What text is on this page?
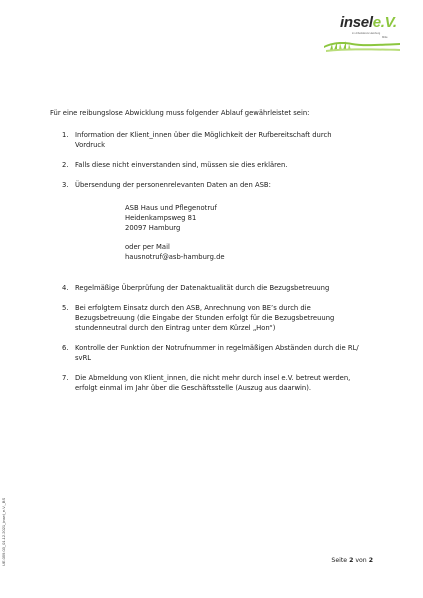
insele.V.
im Arbeitskreis Hamburg
Mitte
Für eine reibungslose Abwicklung muss folgender Ablauf gewährleistet sein:
1. Information der Klient_innen über die Möglichkeit der Rufbereitschaft durch
Vordruck
2. Falls diese nicht einverstanden sind, müssen sie dies erklären.
3. Übersendung der personenrelevanten Daten an den ASB:
4. Regelmäßige Überprüfung der Datenaktualität durch die Bezugsbetreuung
5. Bei erfolgtem Einsatz durch den ASB, Anrechnung von BE’s durch die
Bezugsbetreuung (die Eingabe der Stunden erfolgt für die Bezugsbetreuung
stundenneutral durch den Eintrag unter dem Kürzel „Hon“)
6. Kontrolle der Funktion der Notrufnummer in regelmäßigen Abständen durch die RL/
svRL
7. Die Abmeldung von Klient_innen, die nicht mehr durch insel e.V. betreut werden,
erfolgt einmal im Jahr über die Geschäftsstelle (Auszug aus daarwin).
ASB Haus und Pflegenotruf
Heidenkampsweg 81
20097 Hamburg
oder per Mail
hausnotruf@asb-hamburg.de
UE.059.03_01.12.2021_insel_e.V._BS	Seite 2 von 2
